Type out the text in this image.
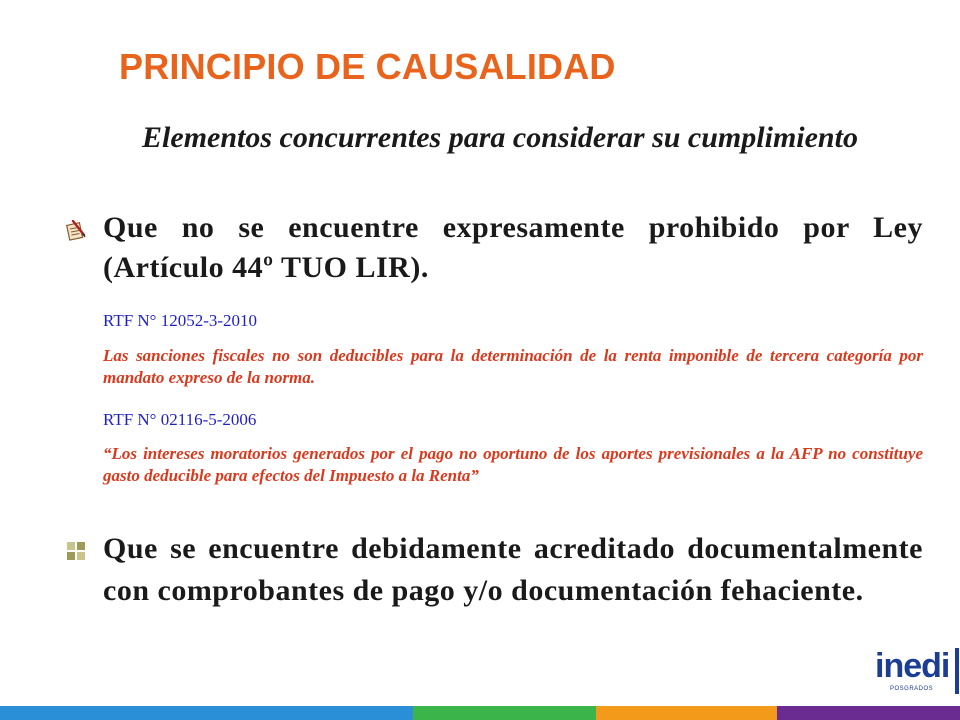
PRINCIPIO DE CAUSALIDAD
Elementos concurrentes para considerar su cumplimiento
Que no se encuentre expresamente prohibido por Ley (Artículo 44º TUO LIR).
RTF N° 12052-3-2010
Las sanciones fiscales no son deducibles para la determinación de la renta imponible de tercera categoría por mandato expreso de la norma.
RTF N° 02116-5-2006
“Los intereses moratorios generados por el pago no oportuno de los aportes previsionales a la AFP no constituye gasto deducible para efectos del Impuesto a la Renta”
Que se encuentre debidamente acreditado documentalmente con comprobantes de pago y/o documentación fehaciente.
inedi
POSGRADOS
